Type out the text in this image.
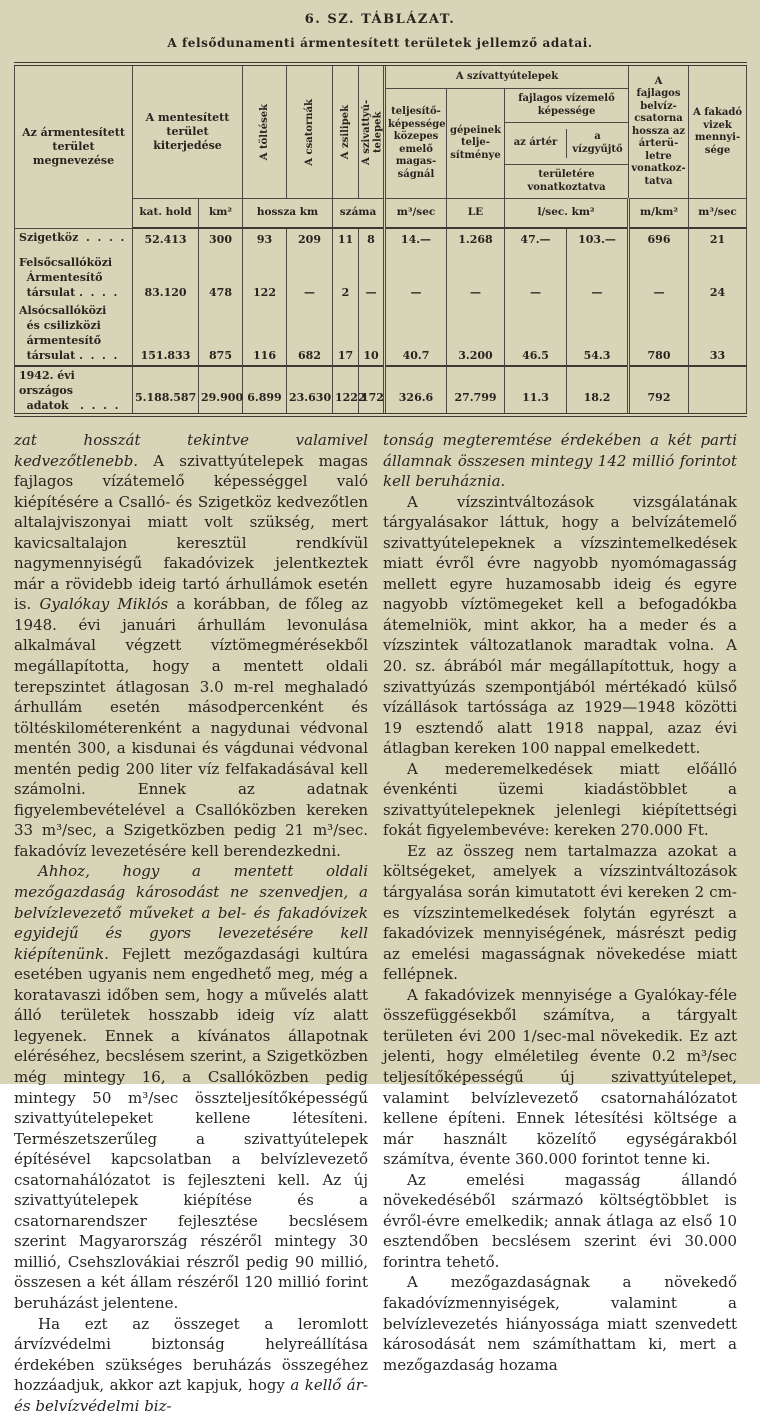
6. SZ. TÁBLÁZAT.
A felsődunamenti ármentesített területek jellemző adatai.
Az ármentesített terület megnevezése	A mentesített terület kiterjedése		A töltések	A csatornák	A zsilipek	A szivattyútelepek	A szívattyútelepek				A fajlagos belvízcsatorna hossza az árterületre vonatkoztatva	A fakadó vizek mennyisége
							teljesítőképessége közepes emelő magasságnál	gépeinek teljesítménye	fajlagos vízemelő képessége
az ártér
a vízgyűjtő
területére vonatkoztatva			

	kat. hold	km²	hossza km		száma		m³/sec	LE	l/sec. km²		m/km²	m³/sec
Szigetköz  .  .  .  .	52.413	300	93	209	11	8	14.—	1.268	47.—	103.—	696	21
Felsőcsallóközi
Ármentesítő
társulat .  .  .  .	83.120	478	122	—	2	—	—	—	—	—	—	24
Alsócsallóközi
és csilizközi
ármentesítő
társulat .  .  .  .	151.833	875	116	682	17	10	40.7	3.200	46.5	54.3	780	33
1942. évi országos
adatok   .  .  .  .	5.188.587	29.900	6.899	23.630	1222	172	326.6	27.799	11.3	18.2	792	

zat hosszát tekintve valamivel kedvezőtlenebb. A szivattyútelepek magas fajlagos vízátemelő képességgel való kiépítésére a Csalló- és Szigetköz kedvezőtlen altalajviszonyai miatt volt szükség, mert kavicsaltalajon keresztül rendkívül nagymennyiségű fakadóvizek jelentkeztek már a rövidebb ideig tartó árhullámok esetén is. Gyalókay Miklós a korábban, de főleg az 1948. évi januári árhullám levonulása alkalmával végzett víztömegmérésekből megállapította, hogy a mentett oldali terepszintet átlagosan 3.0 m-rel meghaladó árhullám esetén másodpercenként és töltéskilométerenként a nagydunai védvonal mentén 300, a kisdunai és vágdunai védvonal mentén pedig 200 liter víz felfakadásával kell számolni. Ennek az adatnak figyelembevételével a Csallóközben kereken 33 m³/sec, a Szigetközben pedig 21 m³/sec. fakadóvíz levezetésére kell berendezkedni.

Ahhoz, hogy a mentett oldali mezőgazdaság károsodást ne szenvedjen, a belvízlevezető műveket a bel- és fakadóvizek egyidejű és gyors levezetésére kell kiépítenünk. Fejlett mezőgazdasági kultúra esetében ugyanis nem engedhető meg, még a koratavaszi időben sem, hogy a művelés alatt álló területek hosszabb ideig víz alatt legyenek. Ennek a kívánatos állapotnak eléréséhez, becslésem szerint, a Szigetközben még mintegy 16, a Csallóközben pedig mintegy 50 m³/sec összteljesítőképességű szivattyútelepeket kellene létesíteni. Természetszerűleg a szivattyútelepek építésével kapcsolatban a belvízlevezető csatornahálózatot is fejleszteni kell. Az új szivattyútelepek kiépítése és a csatornarendszer fejlesztése becslésem szerint Magyarország részéről mintegy 30 millió, Csehszlovákiai részről pedig 90 millió, összesen a két állam részéről 120 millió forint beruházást jelentene.

Ha ezt az összeget a leromlott árvízvédelmi biztonság helyreállítása érdekében szükséges beruházás összegéhez hozzáadjuk, akkor azt kapjuk, hogy a kellő ár- és belvízvédelmi biz-

tonság megteremtése érdekében a két parti államnak összesen mintegy 142 millió forintot kell beruháznia.

A vízszintváltozások vizsgálatának tárgyalásakor láttuk, hogy a belvízátemelő szivattyútelepeknek a vízszintemelkedések miatt évről évre nagyobb nyomómagasság mellett egyre huzamosabb ideig és egyre nagyobb víztömegeket kell a befogadókba átemelniök, mint akkor, ha a meder és a vízszintek változatlanok maradtak volna. A 20. sz. ábrából már megállapítottuk, hogy a szivattyúzás szempontjából mértékadó külső vízállások tartóssága az 1929—1948 közötti 19 esztendő alatt 1918 nappal, azaz évi átlagban kereken 100 nappal emelkedett.

A mederemelkedések miatt előálló évenkénti üzemi kiadástöbblet a szivattyútelepeknek jelenlegi kiépítettségi fokát figyelembevéve: kereken 270.000 Ft.

Ez az összeg nem tartalmazza azokat a költségeket, amelyek a vízszintváltozások tárgyalása során kimutatott évi kereken 2 cm-es vízszintemelkedések folytán egyrészt a fakadóvizek mennyiségének, másrészt pedig az emelési magasságnak növekedése miatt fellépnek.

A fakadóvizek mennyisége a Gyalókay-féle összefüggésekből számítva, a tárgyalt területen évi 200 1/sec-mal növekedik. Ez azt jelenti, hogy elméletileg évente 0.2 m³/sec teljesítőképességű új szivattyútelepet, valamint belvízlevezető csatornahálózatot kellene építeni. Ennek létesítési költsége a már használt közelítő egységárakból számítva, évente 360.000 forintot tenne ki.

Az emelési magasság állandó növekedéséből származó költségtöbblet is évről-évre emelkedik; annak átlaga az első 10 esztendőben becslésem szerint évi 30.000 forintra tehető.

A mezőgazdaságnak a növekedő fakadóvízmennyiségek, valamint a belvízlevezetés hiányossága miatt szenvedett károsodását nem számíthattam ki, mert a mezőgazdaság hozama
